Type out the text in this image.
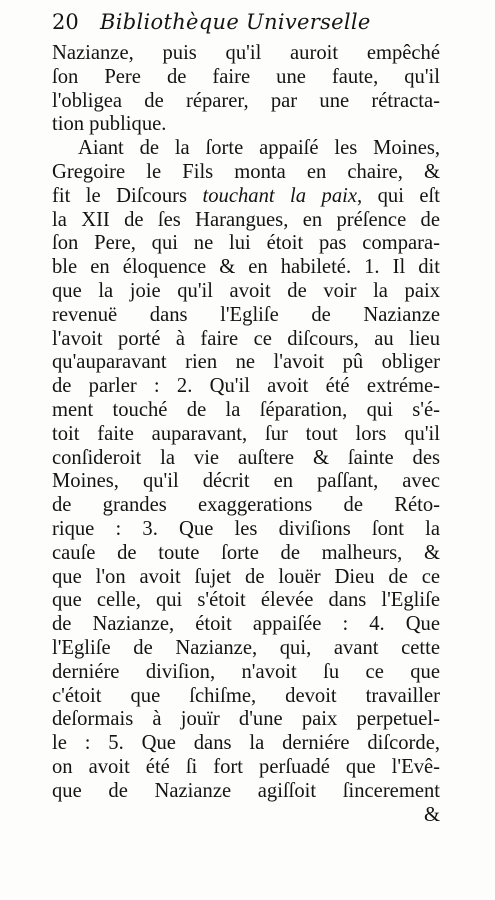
20 Bibliothèque Universelle
Nazianze, puis qu'il auroit empêché
ſon Pere de faire une faute, qu'il
l'obligea de réparer, par une rétracta-
tion publique.
Aiant de la ſorte appaiſé les Moines,
Gregoire le Fils monta en chaire, &
fit le Diſcours touchant la paix, qui eſt
la XII de ſes Harangues, en préſence de
ſon Pere, qui ne lui étoit pas compara-
ble en éloquence & en habileté. 1. Il dit
que la joie qu'il avoit de voir la paix
revenuë dans l'Egliſe de Nazianze
l'avoit porté à faire ce diſcours, au lieu
qu'auparavant rien ne l'avoit pû obliger
de parler : 2. Qu'il avoit été extréme-
ment touché de la ſéparation, qui s'é-
toit faite auparavant, ſur tout lors qu'il
conſideroit la vie auſtere & ſainte des
Moines, qu'il décrit en paſſant, avec
de grandes exaggerations de Réto-
rique : 3. Que les diviſions ſont la
cauſe de toute ſorte de malheurs, &
que l'on avoit ſujet de louër Dieu de ce
que celle, qui s'étoit élevée dans l'Egliſe
de Nazianze, étoit appaiſée : 4. Que
l'Egliſe de Nazianze, qui, avant cette
derniére diviſion, n'avoit ſu ce que
c'étoit que ſchiſme, devoit travailler
deſormais à jouïr d'une paix perpetuel-
le : 5. Que dans la derniére diſcorde,
on avoit été ſi fort perſuadé que l'Evê-
que de Nazianze agiſſoit ſincerement
&
